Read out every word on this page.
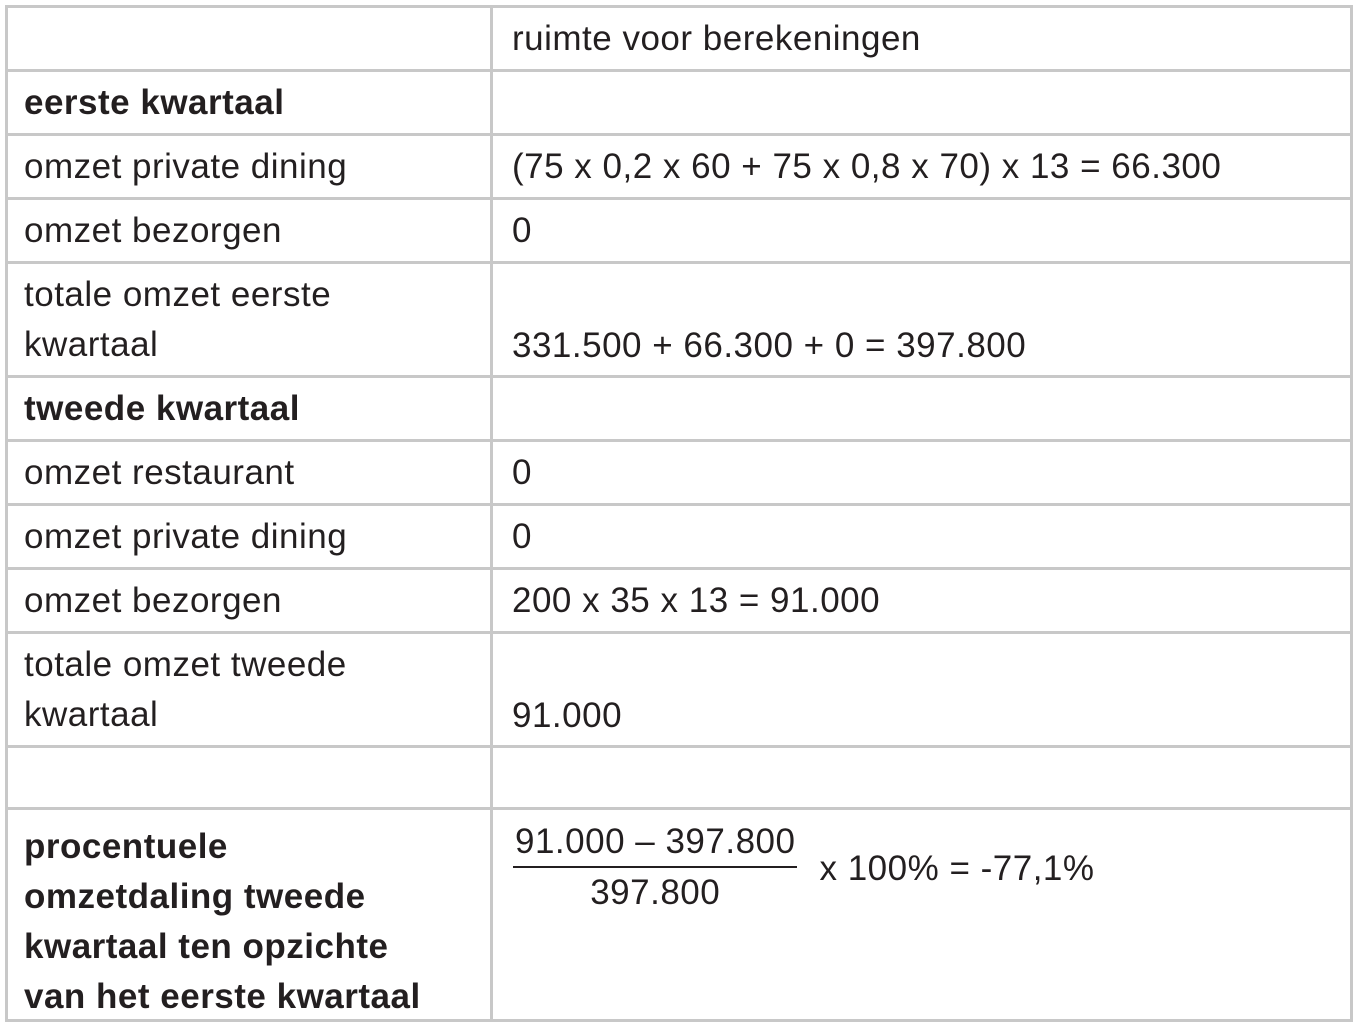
ruimte voor berekeningen
eerste kwartaal
omzet private dining	(75 x 0,2 x 60 + 75 x 0,8 x 70) x 13 = 66.300
omzet bezorgen	0
totale omzet eerste
kwartaal	331.500 + 66.300 + 0 = 397.800
tweede kwartaal
omzet restaurant	0
omzet private dining	0
omzet bezorgen	200 x 35 x 13 = 91.000
totale omzet tweede
kwartaal	91.000
procentuele
omzetdaling tweede
kwartaal ten opzichte
van het eerste kwartaal
$\frac{91.000 - 397.800}{397.800}$ x 100% = -77,1%
